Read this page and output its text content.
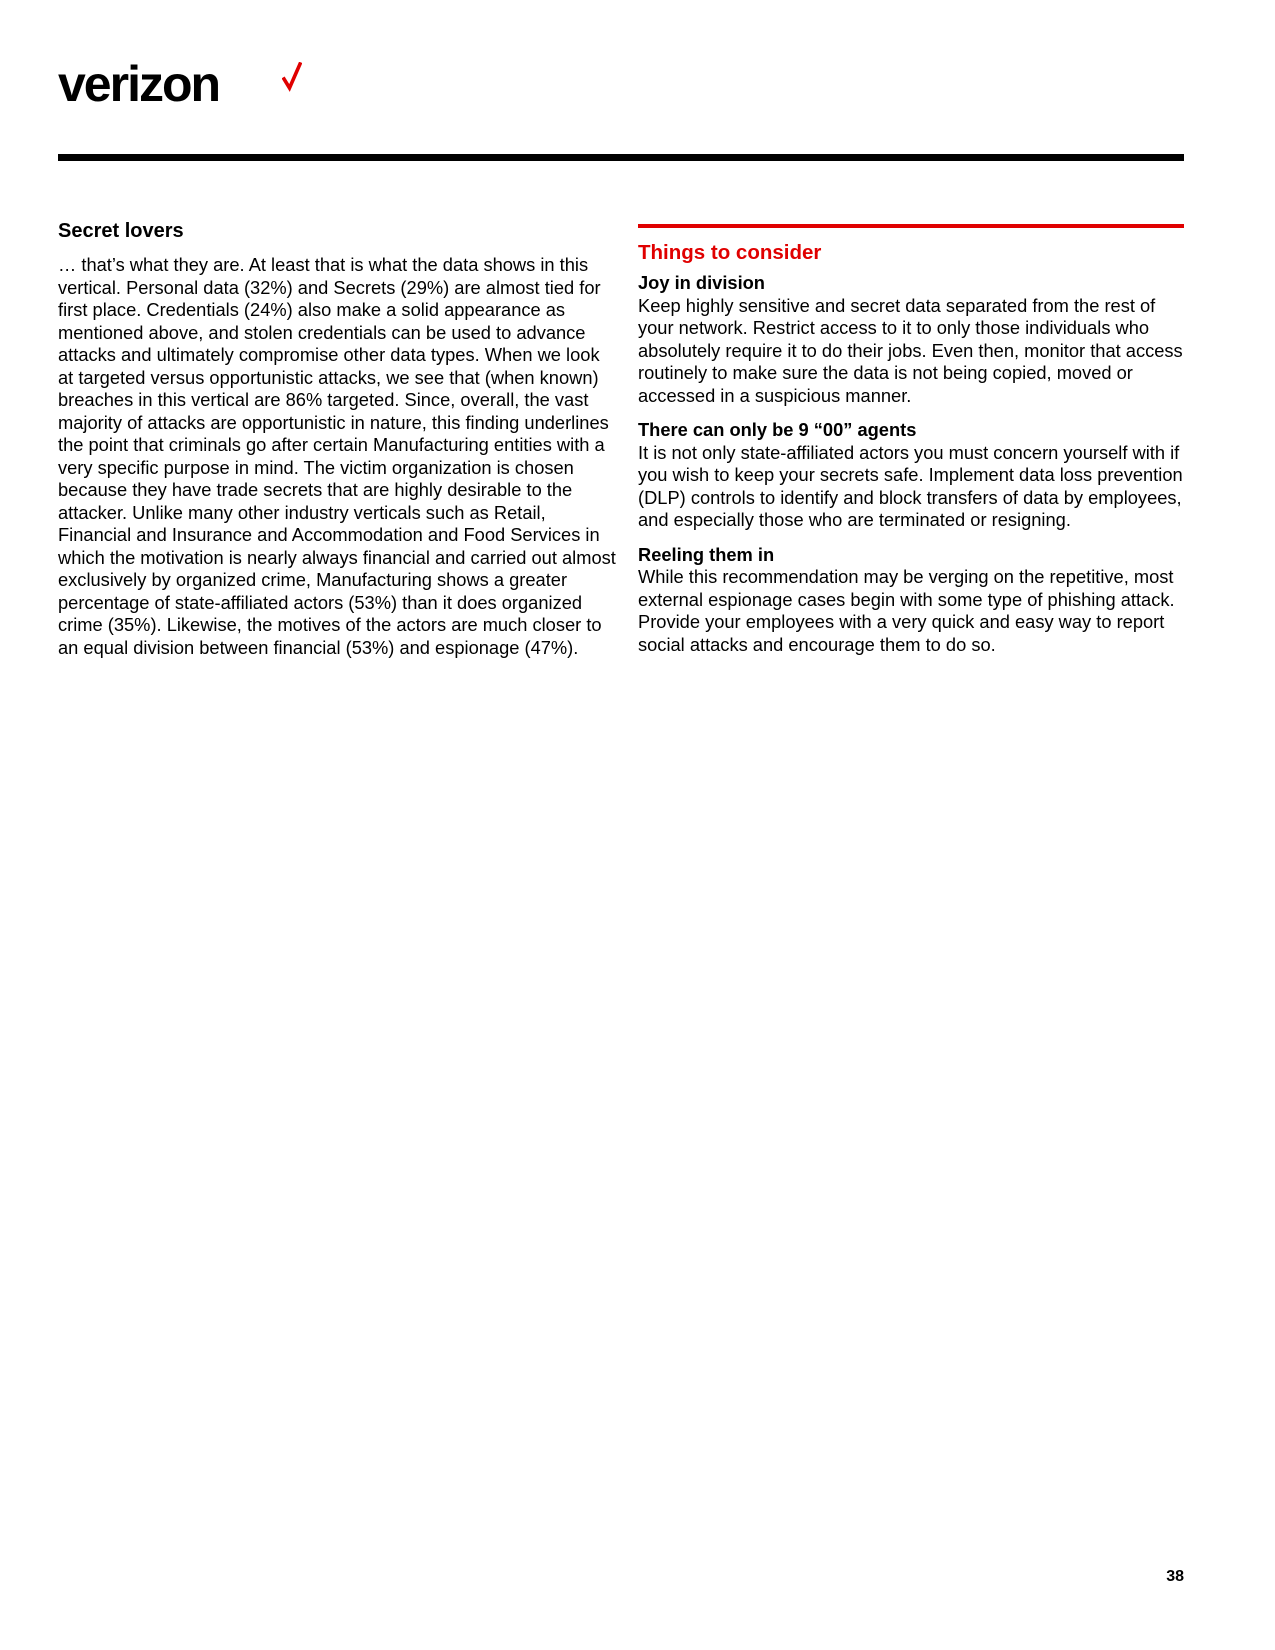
verizon
Secret lovers

… that’s what they are. At least that is what the data shows in this vertical. Personal data (32%) and Secrets (29%) are almost tied for first place. Credentials (24%) also make a solid appearance as mentioned above, and stolen credentials can be used to advance attacks and ultimately compromise other data types. When we look at targeted versus opportunistic attacks, we see that (when known) breaches in this vertical are 86% targeted. Since, overall, the vast majority of attacks are opportunistic in nature, this finding underlines the point that criminals go after certain Manufacturing entities with a very specific purpose in mind. The victim organization is chosen because they have trade secrets that are highly desirable to the attacker. Unlike many other industry verticals such as Retail, Financial and Insurance and Accommodation and Food Services in which the motivation is nearly always financial and carried out almost exclusively by organized crime, Manufacturing shows a greater percentage of state-affiliated actors (53%) than it does organized crime (35%). Likewise, the motives of the actors are much closer to an equal division between financial (53%) and espionage (47%).

Things to consider

Joy in division

Keep highly sensitive and secret data separated from the rest of your network. Restrict access to it to only those individuals who absolutely require it to do their jobs. Even then, monitor that access routinely to make sure the data is not being copied, moved or accessed in a suspicious manner.

There can only be 9 “00” agents

It is not only state-affiliated actors you must concern yourself with if you wish to keep your secrets safe. Implement data loss prevention (DLP) controls to identify and block transfers of data by employees, and especially those who are terminated or resigning.

Reeling them in

While this recommendation may be verging on the repetitive, most external espionage cases begin with some type of phishing attack. Provide your employees with a very quick and easy way to report social attacks and encourage them to do so.

38
